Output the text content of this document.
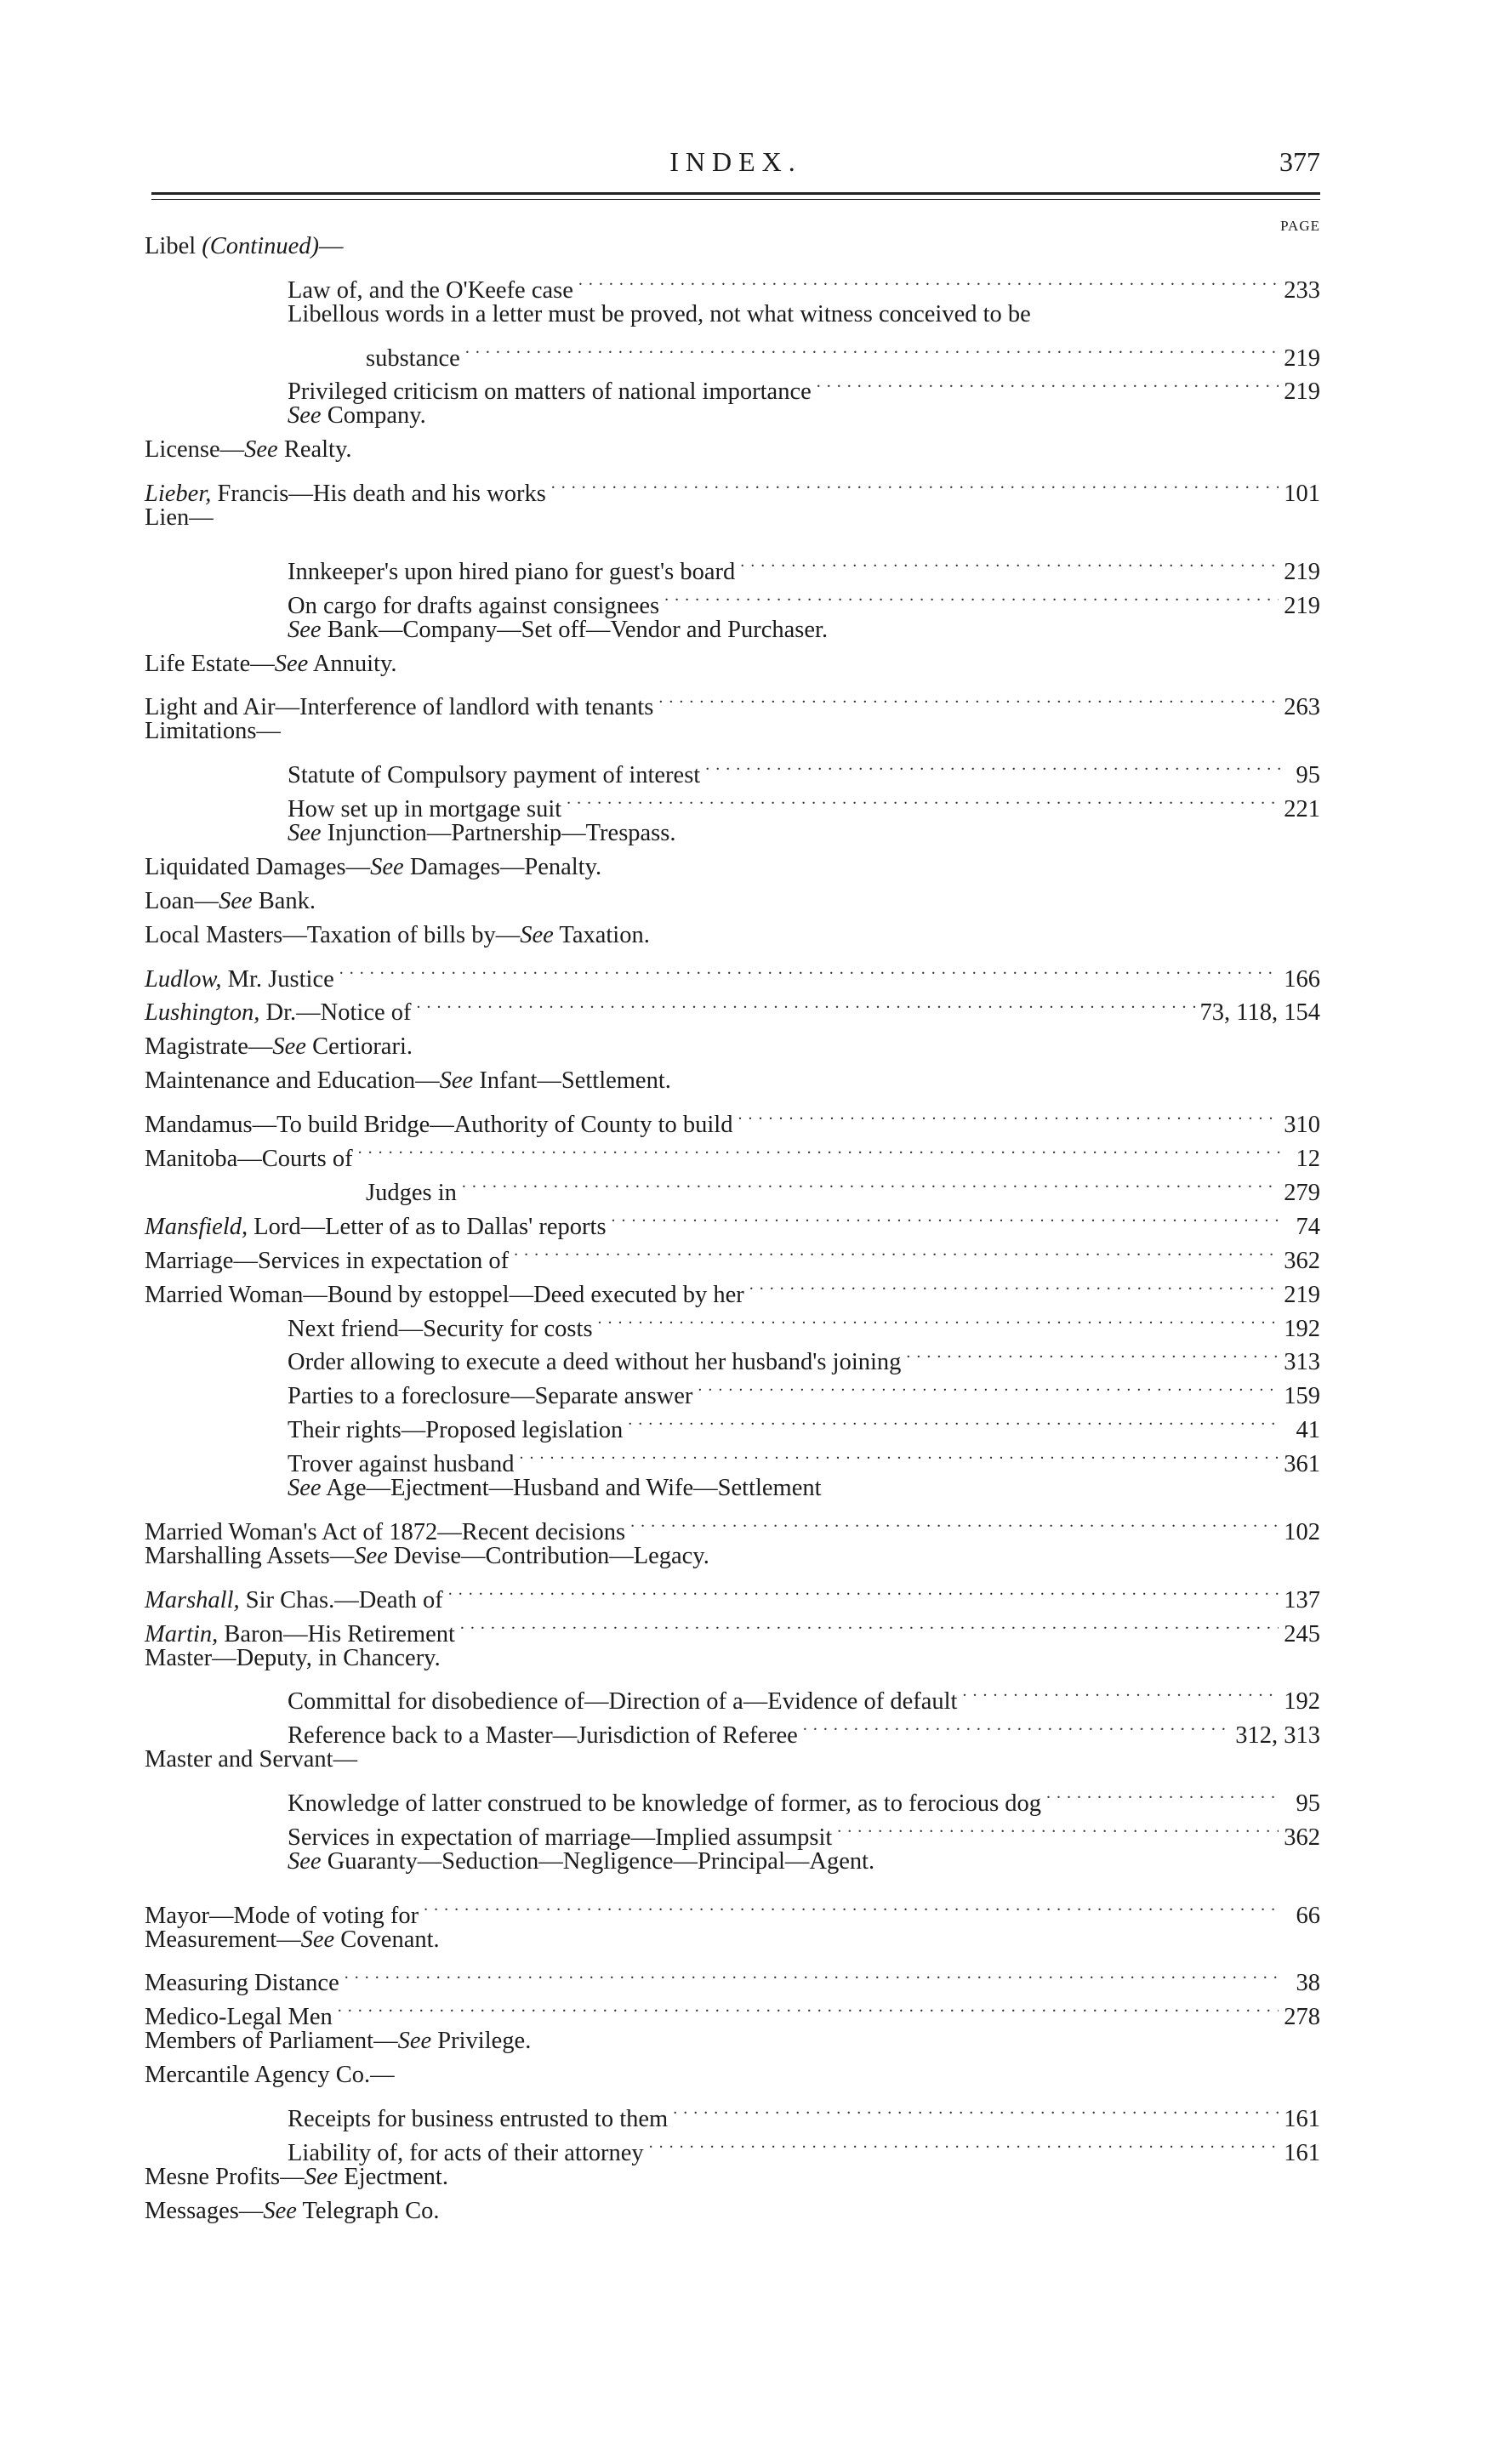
INDEX.	377
PAGE
Libel (Continued)—
Law of, and the O'Keefe case . . .	233
Libellous words in a letter must be proved, not what witness conceived to be
substance . . .	219
Privileged criticism on matters of national importance . . .	219
See Company.
License—See Realty.
Lieber, Francis—His death and his works . . .	101
Lien—
Innkeeper's upon hired piano for guest's board . . .	219
On cargo for drafts against consignees . . .	219
See Bank—Company—Set off—Vendor and Purchaser.
Life Estate—See Annuity.
Light and Air—Interference of landlord with tenants . . .	263
Limitations—
Statute of Compulsory payment of interest . . .	95
How set up in mortgage suit . . .	221
See Injunction—Partnership—Trespass.
Liquidated Damages—See Damages—Penalty.
Loan—See Bank.
Local Masters—Taxation of bills by—See Taxation.
Ludlow, Mr. Justice . . .	166
Lushington, Dr.—Notice of . . .	73, 118, 154
Magistrate—See Certiorari.
Maintenance and Education—See Infant—Settlement.
Mandamus—To build Bridge—Authority of County to build . . .	310
Manitoba—Courts of . . .	12
Judges in . . .	279
Mansfield, Lord—Letter of as to Dallas' reports . . .	74
Marriage—Services in expectation of . . .	362
Married Woman—Bound by estoppel—Deed executed by her . . .	219
Next friend—Security for costs . . .	192
Order allowing to execute a deed without her husband's joining . . .	313
Parties to a foreclosure—Separate answer . . .	159
Their rights—Proposed legislation . . .	41
Trover against husband . . .	361
See Age—Ejectment—Husband and Wife—Settlement
Married Woman's Act of 1872—Recent decisions . . .	102
Marshalling Assets—See Devise—Contribution—Legacy.
Marshall, Sir Chas.—Death of . . .	137
Martin, Baron—His Retirement . . .	245
Master—Deputy, in Chancery.
Committal for disobedience of—Direction of a—Evidence of default . . .	192
Reference back to a Master—Jurisdiction of Referee . . .	312, 313
Master and Servant—
Knowledge of latter construed to be knowledge of former, as to ferocious dog . . .	95
Services in expectation of marriage—Implied assumpsit . . .	362
See Guaranty—Seduction—Negligence—Principal—Agent.
Mayor—Mode of voting for . . .	66
Measurement—See Covenant.
Measuring Distance . . .	38
Medico-Legal Men . . .	278
Members of Parliament—See Privilege.
Mercantile Agency Co.—
Receipts for business entrusted to them . . .	161
Liability of, for acts of their attorney . . .	161
Mesne Profits—See Ejectment.
Messages—See Telegraph Co.
